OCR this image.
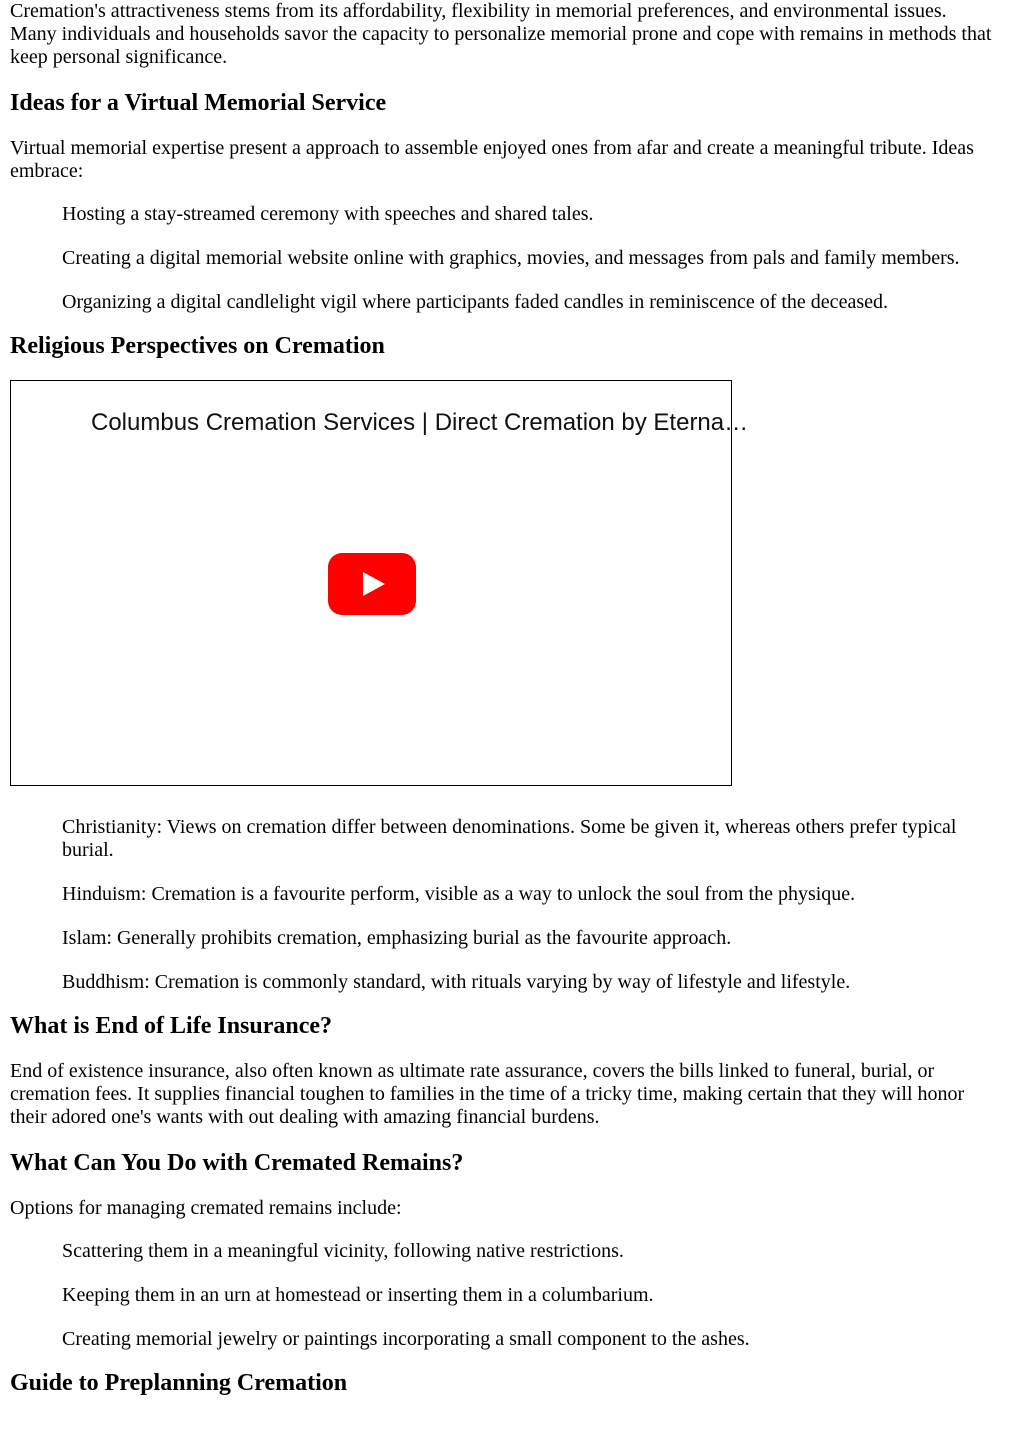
Cremation's attractiveness stems from its affordability, flexibility in memorial preferences, and environmental issues. Many individuals and households savor the capacity to personalize memorial prone and cope with remains in methods that keep personal significance.

Ideas for a Virtual Memorial Service

Virtual memorial expertise present a approach to assemble enjoyed ones from afar and create a meaningful tribute. Ideas embrace:

Hosting a stay-streamed ceremony with speeches and shared tales.
Creating a digital memorial website online with graphics, movies, and messages from pals and family members.
Organizing a digital candlelight vigil where participants faded candles in reminiscence of the deceased.
Religious Perspectives on Cremation
Columbus Cremation Services | Direct Cremation by Eterna…
Christianity: Views on cremation differ between denominations. Some be given it, whereas others prefer typical burial.
Hinduism: Cremation is a favourite perform, visible as a way to unlock the soul from the physique.
Islam: Generally prohibits cremation, emphasizing burial as the favourite approach.
Buddhism: Cremation is commonly standard, with rituals varying by way of lifestyle and lifestyle.
What is End of Life Insurance?

End of existence insurance, also often known as ultimate rate assurance, covers the bills linked to funeral, burial, or cremation fees. It supplies financial toughen to families in the time of a tricky time, making certain that they will honor their adored one's wants with out dealing with amazing financial burdens.

What Can You Do with Cremated Remains?

Options for managing cremated remains include:

Scattering them in a meaningful vicinity, following native restrictions.
Keeping them in an urn at homestead or inserting them in a columbarium.
Creating memorial jewelry or paintings incorporating a small component to the ashes.
Guide to Preplanning Cremation
